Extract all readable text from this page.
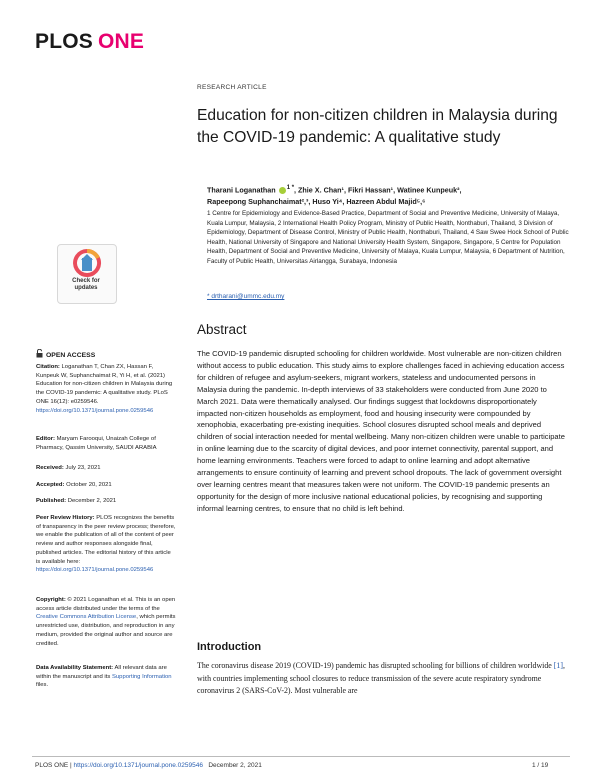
PLOS ONE
RESEARCH ARTICLE
Education for non-citizen children in Malaysia during the COVID-19 pandemic: A qualitative study
Tharani Loganathan $^{1 *}$, Zhie X. Chan¹, Fikri Hassan¹, Watinee Kunpeuk²,
Rapeepong Suphanchaimat²,³, Huso Yi⁴, Hazreen Abdul Majid⁵,⁶
1 Centre for Epidemiology and Evidence-Based Practice, Department of Social and Preventive Medicine, University of Malaya, Kuala Lumpur, Malaysia, 2 International Health Policy Program, Ministry of Public Health, Nonthaburi, Thailand, 3 Division of Epidemiology, Department of Disease Control, Ministry of Public Health, Nonthaburi, Thailand, 4 Saw Swee Hock School of Public Health, National University of Singapore and National University Health System, Singapore, Singapore, 5 Centre for Population Health, Department of Social and Preventive Medicine, University of Malaya, Kuala Lumpur, Malaysia, 6 Department of Nutrition, Faculty of Public Health, Universitas Airlangga, Surabaya, Indonesia
* drtharani@ummc.edu.my
Check for updates
OPEN ACCESS
Citation: Loganathan T, Chan ZX, Hassan F, Kunpeuk W, Suphanchaimat R, Yi H, et al. (2021) Education for non-citizen children in Malaysia during the COVID-19 pandemic: A qualitative study. PLoS ONE 16(12): e0259546. https://doi.org/10.1371/journal.pone.0259546
Editor: Maryam Farooqui, Unaizah College of Pharmacy, Qassim University, SAUDI ARABIA
Received: July 23, 2021
Accepted: October 20, 2021
Published: December 2, 2021
Peer Review History: PLOS recognizes the benefits of transparency in the peer review process; therefore, we enable the publication of all of the content of peer review and author responses alongside final, published articles. The editorial history of this article is available here: https://doi.org/10.1371/journal.pone.0259546
Copyright: © 2021 Loganathan et al. This is an open access article distributed under the terms of the Creative Commons Attribution License, which permits unrestricted use, distribution, and reproduction in any medium, provided the original author and source are credited.
Data Availability Statement: All relevant data are within the manuscript and its Supporting Information files.
Abstract
The COVID-19 pandemic disrupted schooling for children worldwide. Most vulnerable are non-citizen children without access to public education. This study aims to explore challenges faced in achieving education access for children of refugee and asylum-seekers, migrant workers, stateless and undocumented persons in Malaysia during the pandemic. In-depth interviews of 33 stakeholders were conducted from June 2020 to March 2021. Data were thematically analysed. Our findings suggest that lockdowns disproportionately impacted non-citizen households as employment, food and housing insecurity were compounded by xenophobia, exacerbating pre-existing inequities. School closures disrupted school meals and deprived children of social interaction needed for mental wellbeing. Many non-citizen children were unable to participate in online learning due to the scarcity of digital devices, and poor internet connectivity, parental support, and home learning environments. Teachers were forced to adapt to online learning and adopt alternative arrangements to ensure continuity of learning and prevent school dropouts. The lack of government oversight over learning centres meant that measures taken were not uniform. The COVID-19 pandemic presents an opportunity for the design of more inclusive national educational policies, by recognising and supporting informal learning centres, to ensure that no child is left behind.
Introduction
The coronavirus disease 2019 (COVID-19) pandemic has disrupted schooling for billions of children worldwide [1], with countries implementing school closures to reduce transmission of the severe acute respiratory syndrome coronavirus 2 (SARS-CoV-2). Most vulnerable are
PLOS ONE | https://doi.org/10.1371/journal.pone.0259546 December 2, 2021	1 / 19
